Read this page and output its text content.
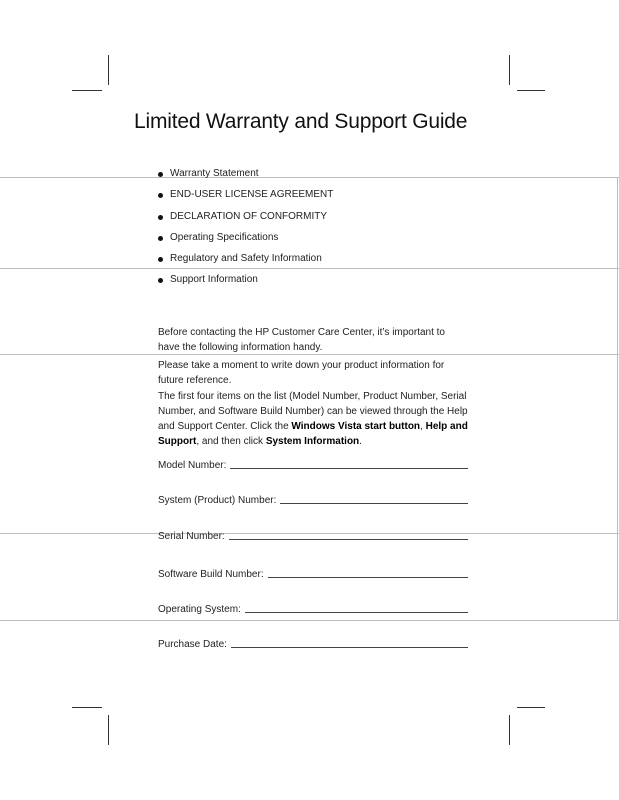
Limited Warranty and Support Guide
Warranty Statement
END-USER LICENSE AGREEMENT
DECLARATION OF CONFORMITY
Operating Specifications
Regulatory and Safety Information
Support Information

Before contacting the HP Customer Care Center, it’s important to have the following information handy.

Please take a moment to write down your product information for future reference.

The first four items on the list (Model Number, Product Number, Serial Number, and Software Build Number) can be viewed through the Help and Support Center. Click the Windows Vista start button, Help and Support, and then click System Information.

Model Number:
System (Product) Number:
Serial Number:
Software Build Number:
Operating System:
Purchase Date:
